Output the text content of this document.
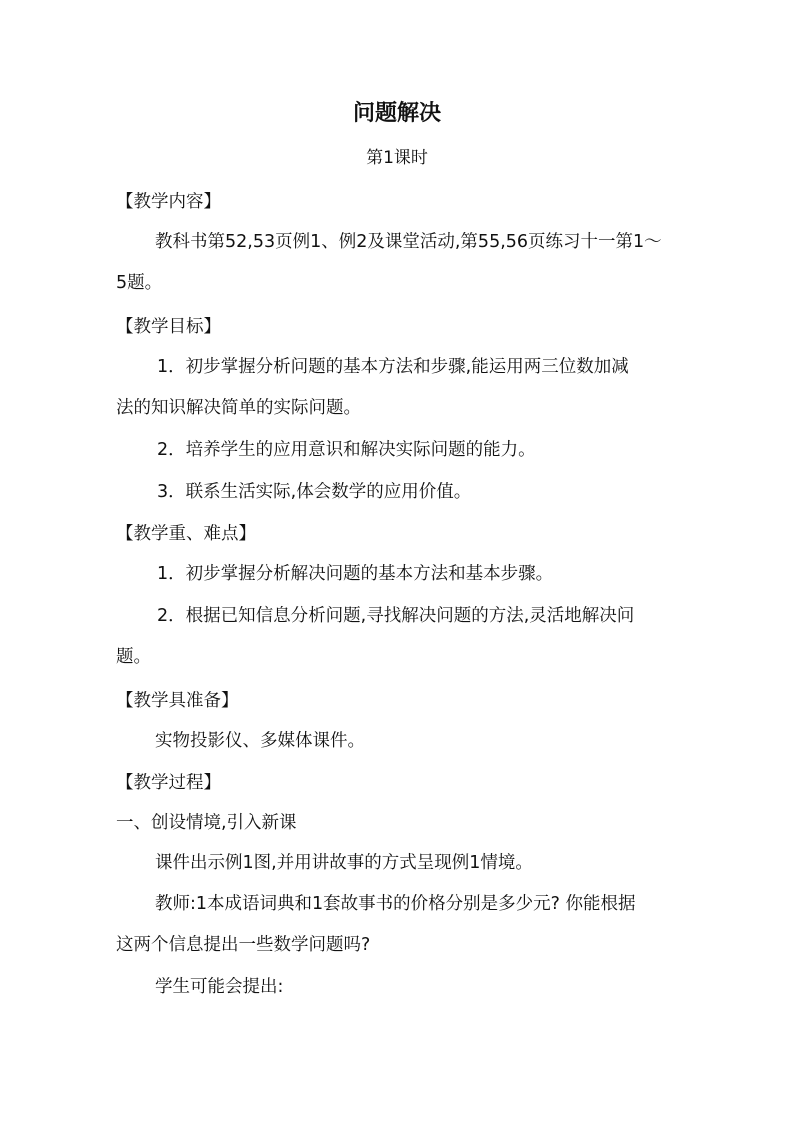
问题解决
第1课时
【教学内容】
教科书第52,53页例1、例2及课堂活动,第55,56页练习十一第1～
5题。
【教学目标】
1．初步掌握分析问题的基本方法和步骤,能运用两三位数加减
法的知识解决简单的实际问题。
2．培养学生的应用意识和解决实际问题的能力。
3．联系生活实际,体会数学的应用价值。
【教学重、难点】
1．初步掌握分析解决问题的基本方法和基本步骤。
2．根据已知信息分析问题,寻找解决问题的方法,灵活地解决问
题。
【教学具准备】
实物投影仪、多媒体课件。
【教学过程】
一、创设情境,引入新课
课件出示例1图,并用讲故事的方式呈现例1情境。
教师:1本成语词典和1套故事书的价格分别是多少元? 你能根据
这两个信息提出一些数学问题吗?
学生可能会提出:
